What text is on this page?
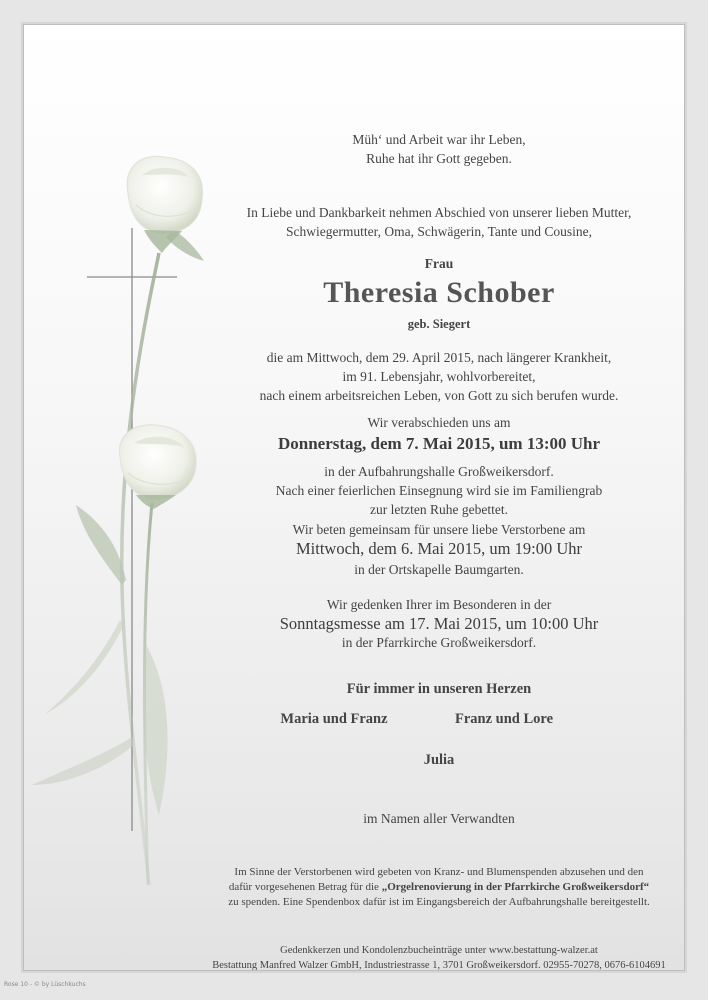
Müh‘ und Arbeit war ihr Leben,
Ruhe hat ihr Gott gegeben.
In Liebe und Dankbarkeit nehmen Abschied von unserer lieben Mutter,
Schwiegermutter, Oma, Schwägerin, Tante und Cousine,
Frau
Theresia Schober
geb. Siegert
die am Mittwoch, dem 29. April 2015, nach längerer Krankheit,
im 91. Lebensjahr, wohlvorbereitet,
nach einem arbeitsreichen Leben, von Gott zu sich berufen wurde.
Wir verabschieden uns am
Donnerstag, dem 7. Mai 2015, um 13:00 Uhr
in der Aufbahrungshalle Großweikersdorf.
Nach einer feierlichen Einsegnung wird sie im Familiengrab
zur letzten Ruhe gebettet.
Wir beten gemeinsam für unsere liebe Verstorbene am
Mittwoch, dem 6. Mai 2015, um 19:00 Uhr
in der Ortskapelle Baumgarten.
Wir gedenken Ihrer im Besonderen in der
Sonntagsmesse am 17. Mai 2015, um 10:00 Uhr
in der Pfarrkirche Großweikersdorf.
Für immer in unseren Herzen
Maria und Franz	Franz und Lore
Julia
im Namen aller Verwandten
Im Sinne der Verstorbenen wird gebeten von Kranz- und Blumenspenden abzusehen und den
dafür vorgesehenen Betrag für die „Orgelrenovierung in der Pfarrkirche Großweikersdorf“
zu spenden. Eine Spendenbox dafür ist im Eingangsbereich der Aufbahrungshalle bereitgestellt.
Gedenkkerzen und Kondolenzbucheinträge unter www.bestattung-walzer.at
Bestattung Manfred Walzer GmbH, Industriestrasse 1, 3701 Großweikersdorf. 02955-70278, 0676-6104691
Rose 10 - © by Lüschkuchs
